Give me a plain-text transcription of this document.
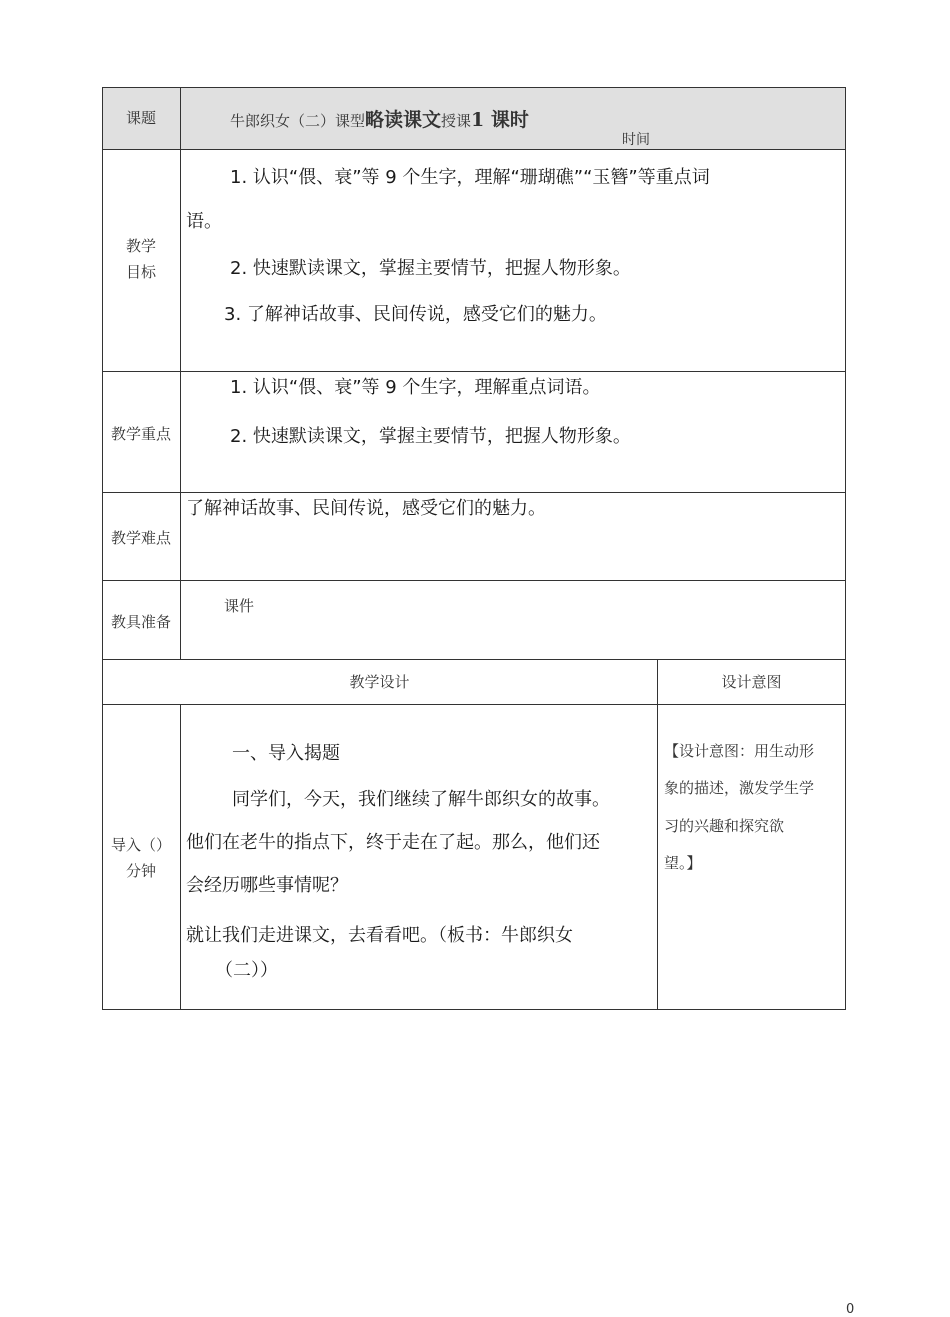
课题	牛郎织女（二）课型略读课文授课1 课时
时间
教学
目标
1. 认识“偎、衰”等 9 个生字，理解“珊瑚礁”“玉簪”等重点词
语。
2. 快速默读课文，掌握主要情节，把握人物形象。
3. 了解神话故事、民间传说，感受它们的魅力。
教学重点
1. 认识“偎、衰”等 9 个生字，理解重点词语。
2. 快速默读课文，掌握主要情节，把握人物形象。
教学难点
了解神话故事、民间传说，感受它们的魅力。
教具准备
课件
教学设计	设计意图
导入（）
分钟
一、导入揭题
同学们，今天，我们继续了解牛郎织女的故事。
他们在老牛的指点下，终于走在了起。那么，他们还
会经历哪些事情呢？
就让我们走进课文，去看看吧。（板书：牛郎织女
（二））
【设计意图：用生动形
象的描述，激发学生学
习的兴趣和探究欲
望。】
0
